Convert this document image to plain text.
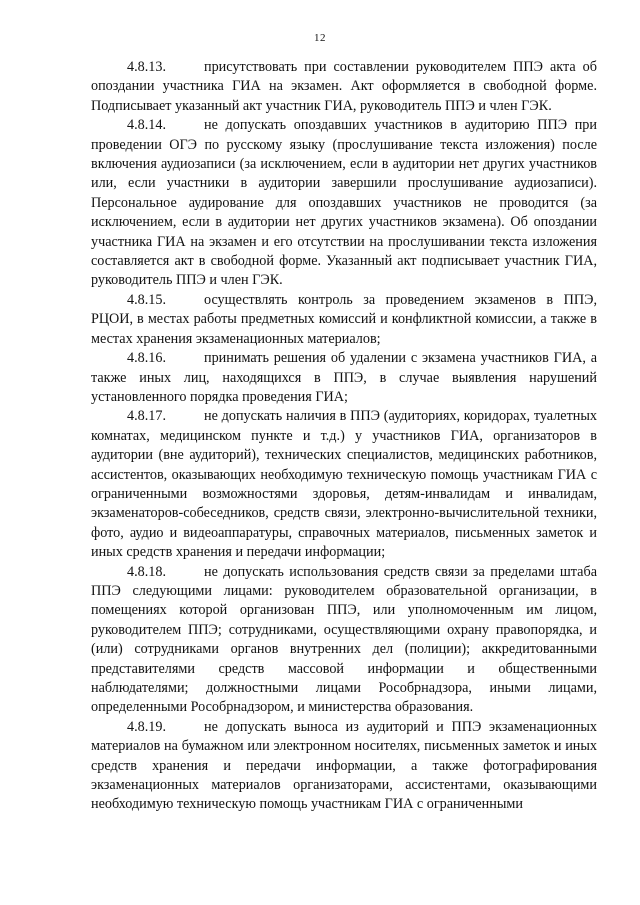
12

4.8.13.	присутствовать при составлении руководителем ППЭ акта об опоздании участника ГИА на экзамен. Акт оформляется в свободной форме. Подписывает указанный акт участник ГИА, руководитель ППЭ и член ГЭК.

4.8.14.	не допускать опоздавших участников в аудиторию ППЭ при проведении ОГЭ по русскому языку (прослушивание текста изложения) после включения аудиозаписи (за исключением, если в аудитории нет других участников или, если участники в аудитории завершили прослушивание аудиозаписи). Персональное аудирование для опоздавших участников не проводится (за исключением, если в аудитории нет других участников экзамена). Об опоздании участника ГИА на экзамен и его отсутствии на прослушивании текста изложения составляется акт в свободной форме. Указанный акт подписывает участник ГИА, руководитель ППЭ и член ГЭК.

4.8.15.	осуществлять контроль за проведением экзаменов в ППЭ, РЦОИ, в местах работы предметных комиссий и конфликтной комиссии, а также в местах хранения экзаменационных материалов;

4.8.16.	принимать решения об удалении с экзамена участников ГИА, а также иных лиц, находящихся в ППЭ, в случае выявления нарушений установленного порядка проведения ГИА;

4.8.17.	не допускать наличия в ППЭ (аудиториях, коридорах, туалетных комнатах, медицинском пункте и т.д.) у участников ГИА, организаторов в аудитории (вне аудиторий), технических специалистов, медицинских работников, ассистентов, оказывающих необходимую техническую помощь участникам ГИА с ограниченными возможностями здоровья, детям-инвалидам и инвалидам, экзаменаторов-собеседников, средств связи, электронно-вычислительной техники, фото, аудио и видеоаппаратуры, справочных материалов, письменных заметок и иных средств хранения и передачи информации;

4.8.18.	не допускать использования средств связи за пределами штаба ППЭ следующими лицами: руководителем образовательной организации, в помещениях которой организован ППЭ, или уполномоченным им лицом, руководителем ППЭ; сотрудниками, осуществляющими охрану правопорядка, и (или) сотрудниками органов внутренних дел (полиции); аккредитованными представителями средств массовой информации и общественными наблюдателями; должностными лицами Рособрнадзора, иными лицами, определенными Рособрнадзором, и министерства образования.

4.8.19.	не допускать выноса из аудиторий и ППЭ экзаменационных материалов на бумажном или электронном носителях, письменных заметок и иных средств хранения и передачи информации, а также фотографирования экзаменационных материалов организаторами, ассистентами, оказывающими необходимую техническую помощь участникам ГИА с ограниченными
